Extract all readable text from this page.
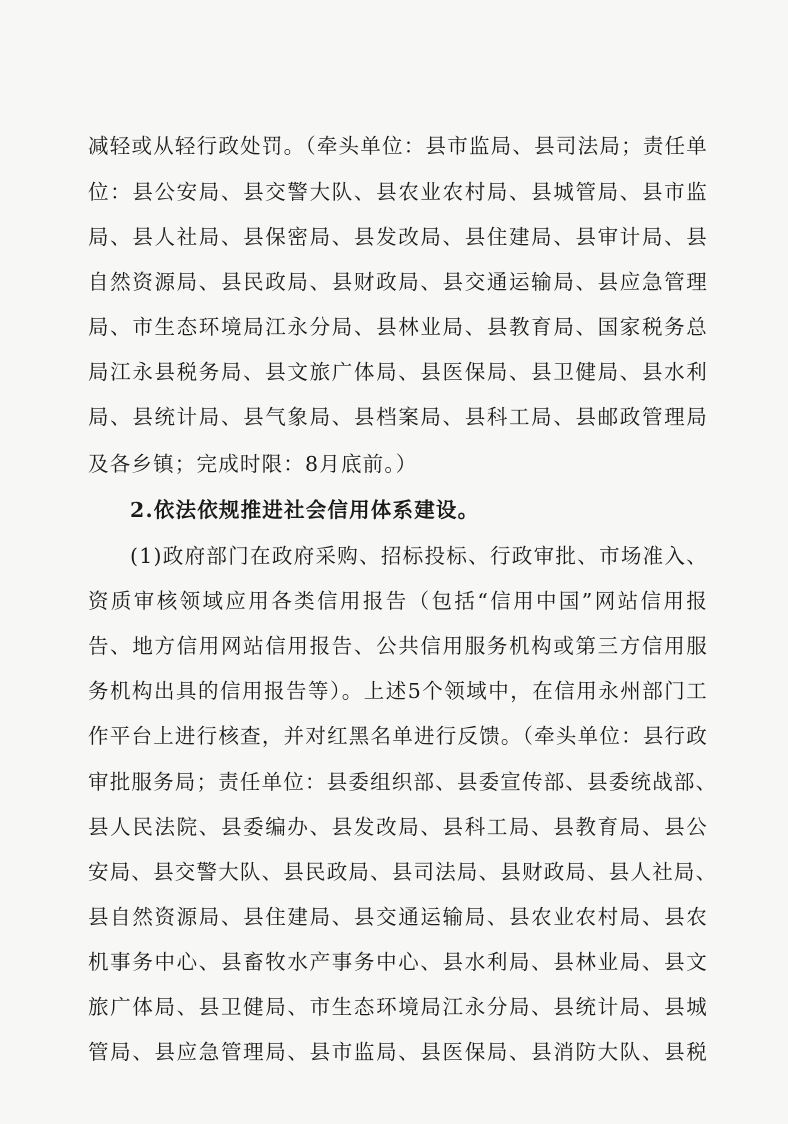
减轻或从轻行政处罚。（牵头单位：县市监局、县司法局；责任单
位：县公安局、县交警大队、县农业农村局、县城管局、县市监
局、县人社局、县保密局、县发改局、县住建局、县审计局、县
自然资源局、县民政局、县财政局、县交通运输局、县应急管理
局、市生态环境局江永分局、县林业局、县教育局、国家税务总
局江永县税务局、县文旅广体局、县医保局、县卫健局、县水利
局、县统计局、县气象局、县档案局、县科工局、县邮政管理局
及各乡镇；完成时限：8月底前。）
2.依法依规推进社会信用体系建设。
(1)政府部门在政府采购、招标投标、行政审批、市场准入、
资质审核领域应用各类信用报告（包括“信用中国”网站信用报
告、地方信用网站信用报告、公共信用服务机构或第三方信用服
务机构出具的信用报告等）。上述5个领域中，在信用永州部门工
作平台上进行核查，并对红黑名单进行反馈。（牵头单位：县行政
审批服务局；责任单位：县委组织部、县委宣传部、县委统战部、
县人民法院、县委编办、县发改局、县科工局、县教育局、县公
安局、县交警大队、县民政局、县司法局、县财政局、县人社局、
县自然资源局、县住建局、县交通运输局、县农业农村局、县农
机事务中心、县畜牧水产事务中心、县水利局、县林业局、县文
旅广体局、县卫健局、市生态环境局江永分局、县统计局、县城
管局、县应急管理局、县市监局、县医保局、县消防大队、县税
